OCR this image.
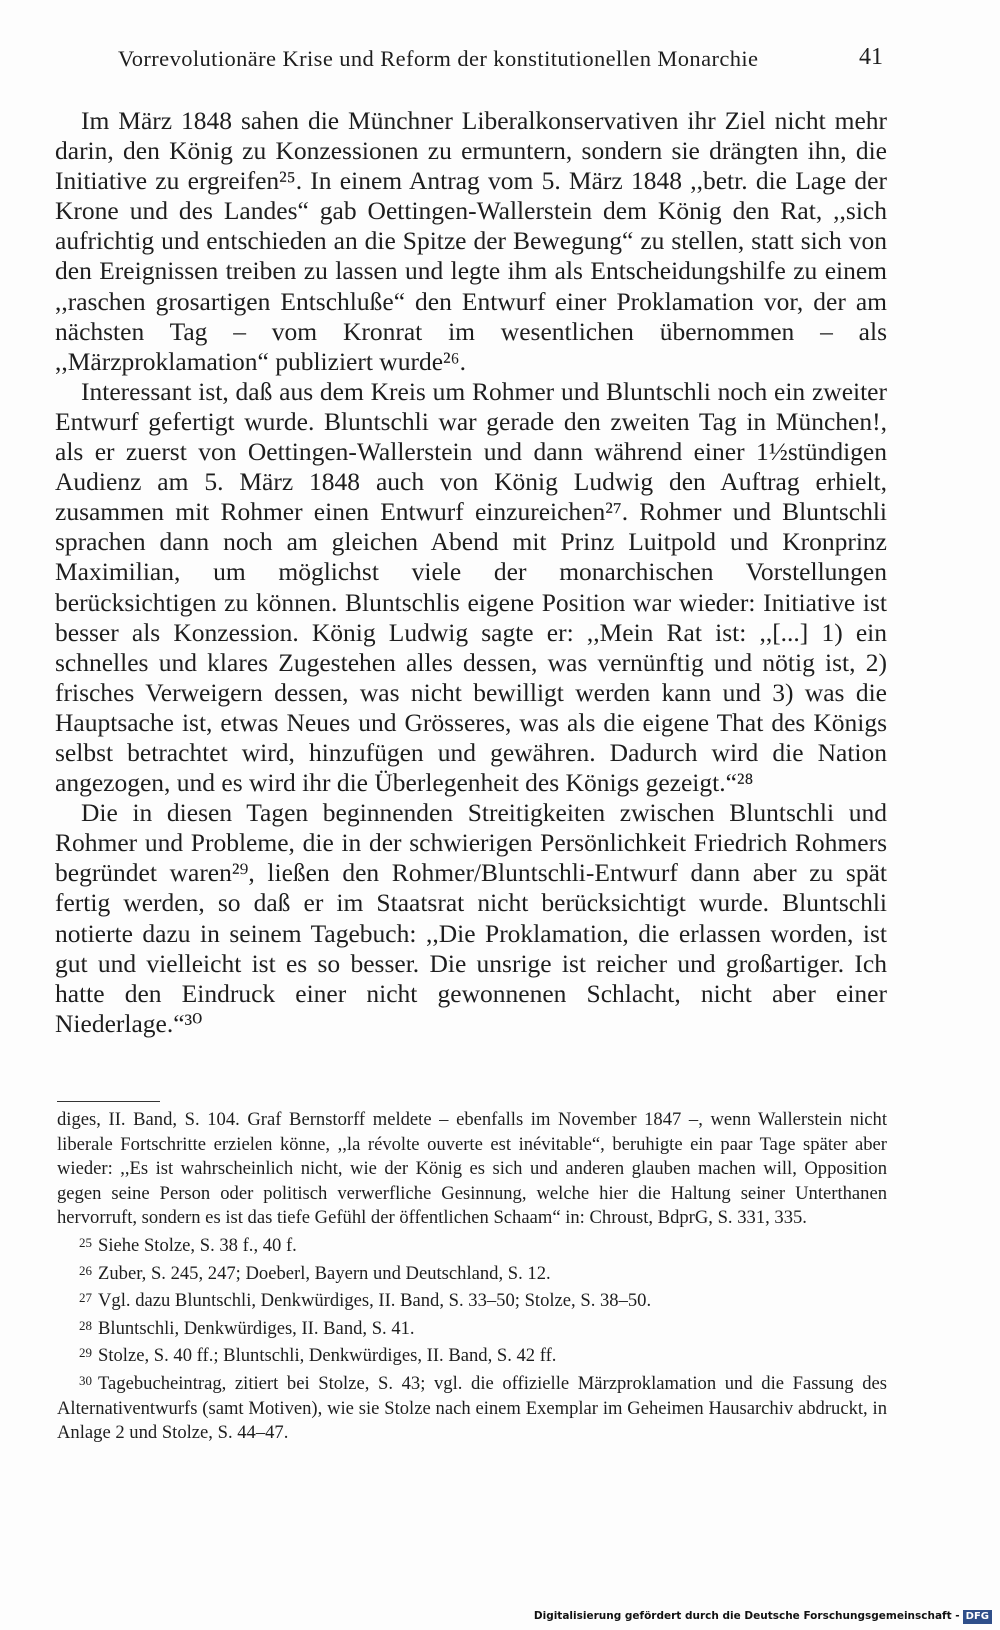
Vorrevolutionäre Krise und Reform der konstitutionellen Monarchie	41

Im März 1848 sahen die Münchner Liberalkonservativen ihr Ziel nicht mehr darin, den König zu Konzessionen zu ermuntern, sondern sie drängten ihn, die Initiative zu ergreifen²⁵. In einem Antrag vom 5. März 1848 ,,betr. die Lage der Krone und des Landes“ gab Oettingen-Wallerstein dem König den Rat, ,,sich aufrichtig und entschieden an die Spitze der Bewegung“ zu stellen, statt sich von den Ereignissen treiben zu lassen und legte ihm als Entscheidungshilfe zu einem ,,raschen grosartigen Entschluße“ den Entwurf einer Proklamation vor, der am nächsten Tag – vom Kronrat im wesentlichen übernommen – als ,,Märzproklamation“ publiziert wurde²⁶.

Interessant ist, daß aus dem Kreis um Rohmer und Bluntschli noch ein zweiter Entwurf gefertigt wurde. Bluntschli war gerade den zweiten Tag in München!, als er zuerst von Oettingen-Wallerstein und dann während einer 1½stündigen Audienz am 5. März 1848 auch von König Ludwig den Auftrag erhielt, zusammen mit Rohmer einen Entwurf einzureichen²⁷. Rohmer und Bluntschli sprachen dann noch am gleichen Abend mit Prinz Luitpold und Kronprinz Maximilian, um möglichst viele der monarchischen Vorstellungen berücksichtigen zu können. Bluntschlis eigene Position war wieder: Initiative ist besser als Konzession. König Ludwig sagte er: ,,Mein Rat ist: ,,[...] 1) ein schnelles und klares Zugestehen alles dessen, was vernünftig und nötig ist, 2) frisches Verweigern dessen, was nicht bewilligt werden kann und 3) was die Hauptsache ist, etwas Neues und Grösseres, was als die eigene That des Königs selbst betrachtet wird, hinzufügen und gewähren. Dadurch wird die Nation angezogen, und es wird ihr die Überlegenheit des Königs gezeigt.“²⁸

Die in diesen Tagen beginnenden Streitigkeiten zwischen Bluntschli und Rohmer und Probleme, die in der schwierigen Persönlichkeit Friedrich Rohmers begründet waren²⁹, ließen den Rohmer/Bluntschli-Entwurf dann aber zu spät fertig werden, so daß er im Staatsrat nicht berücksichtigt wurde. Bluntschli notierte dazu in seinem Tagebuch: ,,Die Proklamation, die erlassen worden, ist gut und vielleicht ist es so besser. Die unsrige ist reicher und großartiger. Ich hatte den Eindruck einer nicht gewonnenen Schlacht, nicht aber einer Niederlage.“³⁰

diges, II. Band, S. 104. Graf Bernstorff meldete – ebenfalls im November 1847 –, wenn Wallerstein nicht liberale Fortschritte erzielen könne, ,,la révolte ouverte est inévitable“, beruhigte ein paar Tage später aber wieder: ,,Es ist wahrscheinlich nicht, wie der König es sich und anderen glauben machen will, Opposition gegen seine Person oder politisch verwerfliche Gesinnung, welche hier die Haltung seiner Unterthanen hervorruft, sondern es ist das tiefe Gefühl der öffentlichen Schaam“ in: Chroust, BdprG, S. 331, 335.

$^{25}$ Siehe Stolze, S. 38 f., 40 f.

$^{26}$ Zuber, S. 245, 247; Doeberl, Bayern und Deutschland, S. 12.

$^{27}$ Vgl. dazu Bluntschli, Denkwürdiges, II. Band, S. 33–50; Stolze, S. 38–50.

$^{28}$ Bluntschli, Denkwürdiges, II. Band, S. 41.

$^{29}$ Stolze, S. 40 ff.; Bluntschli, Denkwürdiges, II. Band, S. 42 ff.

$^{30}$ Tagebucheintrag, zitiert bei Stolze, S. 43; vgl. die offizielle Märzproklamation und die Fassung des Alternativentwurfs (samt Motiven), wie sie Stolze nach einem Exemplar im Geheimen Hausarchiv abdruckt, in Anlage 2 und Stolze, S. 44–47.

Digitalisierung gefördert durch die Deutsche Forschungsgemeinschaft - DFG
